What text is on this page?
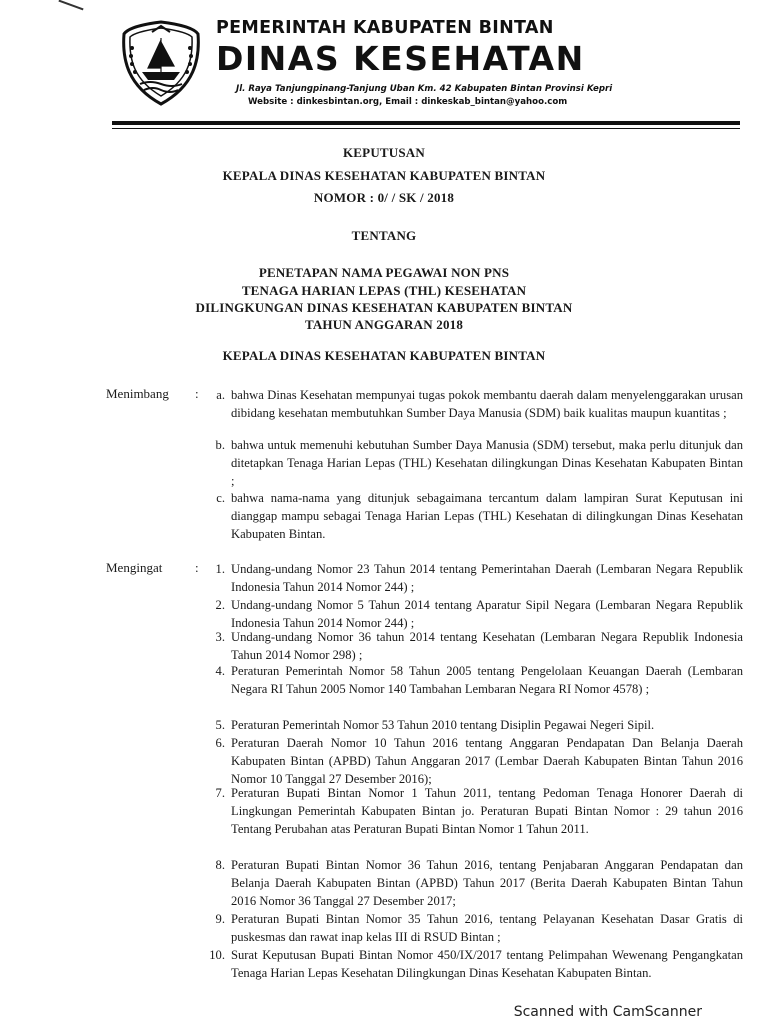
PEMERINTAH KABUPATEN BINTAN
DINAS KESEHATAN
Jl. Raya Tanjungpinang-Tanjung Uban Km. 42 Kabupaten Bintan Provinsi Kepri
Website : dinkesbintan.org, Email : dinkeskab_bintan@yahoo.com
KEPUTUSAN
KEPALA DINAS KESEHATAN KABUPATEN BINTAN
NOMOR : 0/ / SK / 2018
TENTANG
PENETAPAN NAMA PEGAWAI NON PNS
TENAGA HARIAN LEPAS (THL) KESEHATAN
DILINGKUNGAN DINAS KESEHATAN KABUPATEN BINTAN
TAHUN ANGGARAN 2018
KEPALA DINAS KESEHATAN KABUPATEN BINTAN
Menimbang :	a. bahwa Dinas Kesehatan mempunyai tugas pokok membantu daerah dalam menyelenggarakan urusan dibidang kesehatan membutuhkan Sumber Daya Manusia (SDM) baik kualitas maupun kuantitas ;
b. bahwa untuk memenuhi kebutuhan Sumber Daya Manusia (SDM) tersebut, maka perlu ditunjuk dan ditetapkan Tenaga Harian Lepas (THL) Kesehatan dilingkungan Dinas Kesehatan Kabupaten Bintan ;
c. bahwa nama-nama yang ditunjuk sebagaimana tercantum dalam lampiran Surat Keputusan ini dianggap mampu sebagai Tenaga Harian Lepas (THL) Kesehatan di dilingkungan Dinas Kesehatan Kabupaten Bintan.
Mengingat	:	1. Undang-undang Nomor 23 Tahun 2014 tentang Pemerintahan Daerah (Lembaran Negara Republik Indonesia Tahun 2014 Nomor 244) ;
2. Undang-undang Nomor 5 Tahun 2014 tentang Aparatur Sipil Negara (Lembaran Negara Republik Indonesia Tahun 2014 Nomor 244) ;
3. Undang-undang Nomor 36 tahun 2014 tentang Kesehatan (Lembaran Negara Republik Indonesia Tahun 2014 Nomor 298) ;
4. Peraturan Pemerintah Nomor 58 Tahun 2005 tentang Pengelolaan Keuangan Daerah (Lembaran Negara RI Tahun 2005 Nomor 140 Tambahan Lembaran Negara RI Nomor 4578) ;
5. Peraturan Pemerintah Nomor 53 Tahun 2010 tentang Disiplin Pegawai Negeri Sipil.
6. Peraturan Daerah Nomor 10 Tahun 2016 tentang Anggaran Pendapatan Dan Belanja Daerah Kabupaten Bintan (APBD) Tahun Anggaran 2017 (Lembar Daerah Kabupaten Bintan Tahun 2016 Nomor 10 Tanggal 27 Desember 2016);
7. Peraturan Bupati Bintan Nomor 1 Tahun 2011, tentang Pedoman Tenaga Honorer Daerah di Lingkungan Pemerintah Kabupaten Bintan jo. Peraturan Bupati Bintan Nomor : 29 tahun 2016 Tentang Perubahan atas Peraturan Bupati Bintan Nomor 1 Tahun 2011.
8. Peraturan Bupati Bintan Nomor 36 Tahun 2016, tentang Penjabaran Anggaran Pendapatan dan Belanja Daerah Kabupaten Bintan (APBD) Tahun 2017 (Berita Daerah Kabupaten Bintan Tahun 2016 Nomor 36 Tanggal 27 Desember 2017;
9. Peraturan Bupati Bintan Nomor 35 Tahun 2016, tentang Pelayanan Kesehatan Dasar Gratis di puskesmas dan rawat inap kelas III di RSUD Bintan ;
10. Surat Keputusan Bupati Bintan Nomor 450/IX/2017 tentang Pelimpahan Wewenang Pengangkatan Tenaga Harian Lepas Kesehatan Dilingkungan Dinas Kesehatan Kabupaten Bintan.
Scanned with CamScanner
